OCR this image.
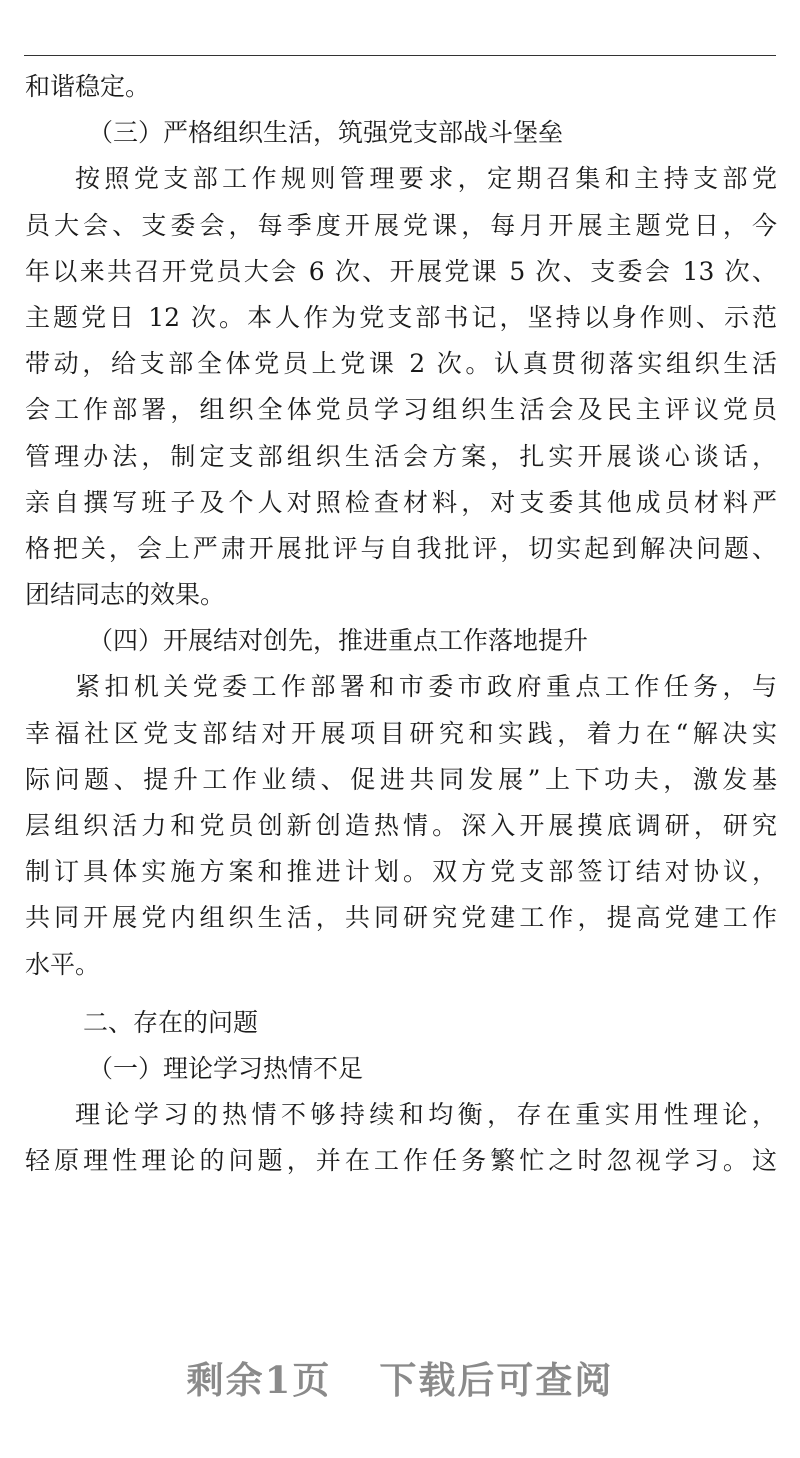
和谐稳定。
（三）严格组织生活，筑强党支部战斗堡垒
按照党支部工作规则管理要求，定期召集和主持支部党
员大会、支委会，每季度开展党课，每月开展主题党日，今
年以来共召开党员大会 6 次、开展党课 5 次、支委会 13 次、
主题党日 12 次。本人作为党支部书记，坚持以身作则、示范
带动，给支部全体党员上党课 2 次。认真贯彻落实组织生活
会工作部署，组织全体党员学习组织生活会及民主评议党员
管理办法，制定支部组织生活会方案，扎实开展谈心谈话，
亲自撰写班子及个人对照检查材料，对支委其他成员材料严
格把关，会上严肃开展批评与自我批评，切实起到解决问题、
团结同志的效果。
（四）开展结对创先，推进重点工作落地提升
紧扣机关党委工作部署和市委市政府重点工作任务，与
幸福社区党支部结对开展项目研究和实践，着力在“解决实
际问题、提升工作业绩、促进共同发展”上下功夫，激发基
层组织活力和党员创新创造热情。深入开展摸底调研，研究
制订具体实施方案和推进计划。双方党支部签订结对协议，
共同开展党内组织生活，共同研究党建工作，提高党建工作
水平。
二、存在的问题
（一）理论学习热情不足
理论学习的热情不够持续和均衡，存在重实用性理论，
轻原理性理论的问题，并在工作任务繁忙之时忽视学习。这
剩余1页 下载后可查阅
